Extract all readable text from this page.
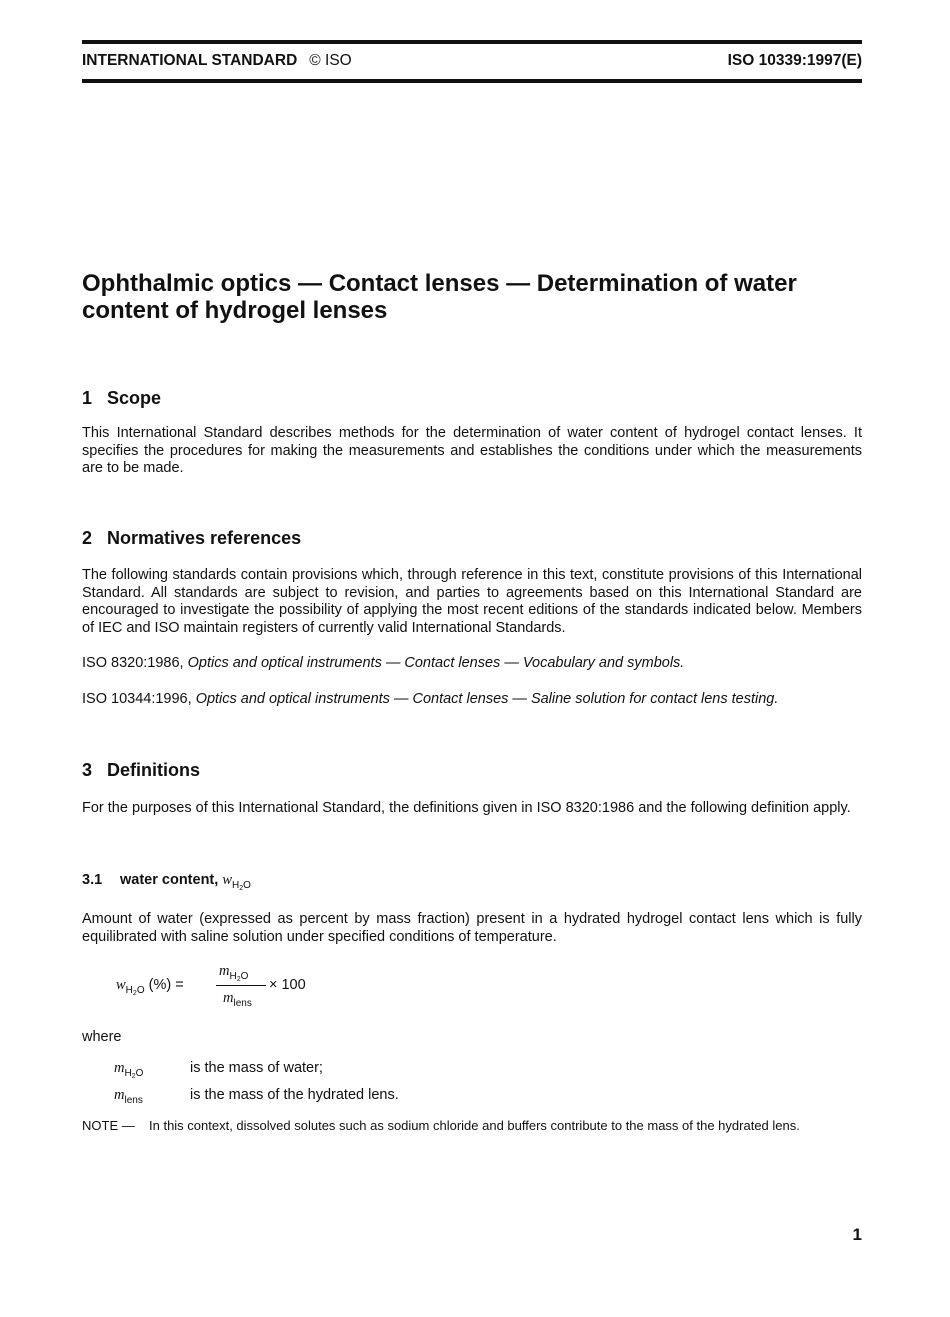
INTERNATIONAL STANDARD © ISO	ISO 10339:1997(E)
Ophthalmic optics — Contact lenses — Determination of water
content of hydrogel lenses
1 Scope

This International Standard describes methods for the determination of water content of hydrogel contact lenses. It specifies the procedures for making the measurements and establishes the conditions under which the measurements are to be made.

2 Normatives references

The following standards contain provisions which, through reference in this text, constitute provisions of this International Standard. All standards are subject to revision, and parties to agreements based on this International Standard are encouraged to investigate the possibility of applying the most recent editions of the standards indicated below. Members of IEC and ISO maintain registers of currently valid International Standards.

ISO 8320:1986, Optics and optical instruments — Contact lenses — Vocabulary and symbols.

ISO 10344:1996, Optics and optical instruments — Contact lenses — Saline solution for contact lens testing.

3 Definitions

For the purposes of this International Standard, the definitions given in ISO 8320:1986 and the following definition apply.

3.1 water content, $w_{H_2O}$

Amount of water (expressed as percent by mass fraction) present in a hydrated hydrogel contact lens which is fully equilibrated with saline solution under specified conditions of temperature.

$w_{H_2O}$ (%) =
$m_{H_2O}$
$m_{lens}$
× 100
where
$m_{H_2O}$	is the mass of water;
$m_{lens}$	is the mass of the hydrated lens.
NOTE — In this context, dissolved solutes such as sodium chloride and buffers contribute to the mass of the hydrated lens.
1
